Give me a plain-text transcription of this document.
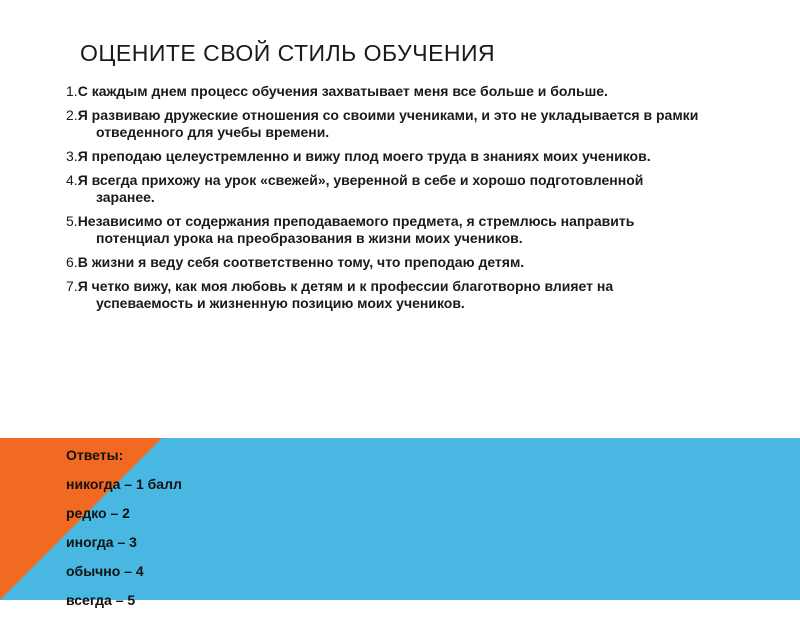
ОЦЕНИТЕ СВОЙ СТИЛЬ ОБУЧЕНИЯ
1.С каждым днем процесс обучения захватывает меня все больше и больше.
2.Я развиваю дружеские отношения со своими учениками, и это не укладывается в рамки отведенного для учебы времени.
3.Я преподаю целеустремленно и вижу плод моего труда в знаниях моих учеников.
4.Я всегда прихожу на урок «свежей», уверенной в себе и хорошо подготовленной заранее.
5.Независимо от содержания преподаваемого предмета, я стремлюсь направить потенциал урока на преобразования в жизни моих учеников.
6.В жизни я веду себя соответственно тому, что преподаю детям.
7.Я четко вижу, как моя любовь к детям и к профессии благотворно влияет на успеваемость и жизненную позицию моих учеников.
Ответы:
никогда – 1 балл
редко – 2
иногда – 3
обычно – 4
всегда – 5
